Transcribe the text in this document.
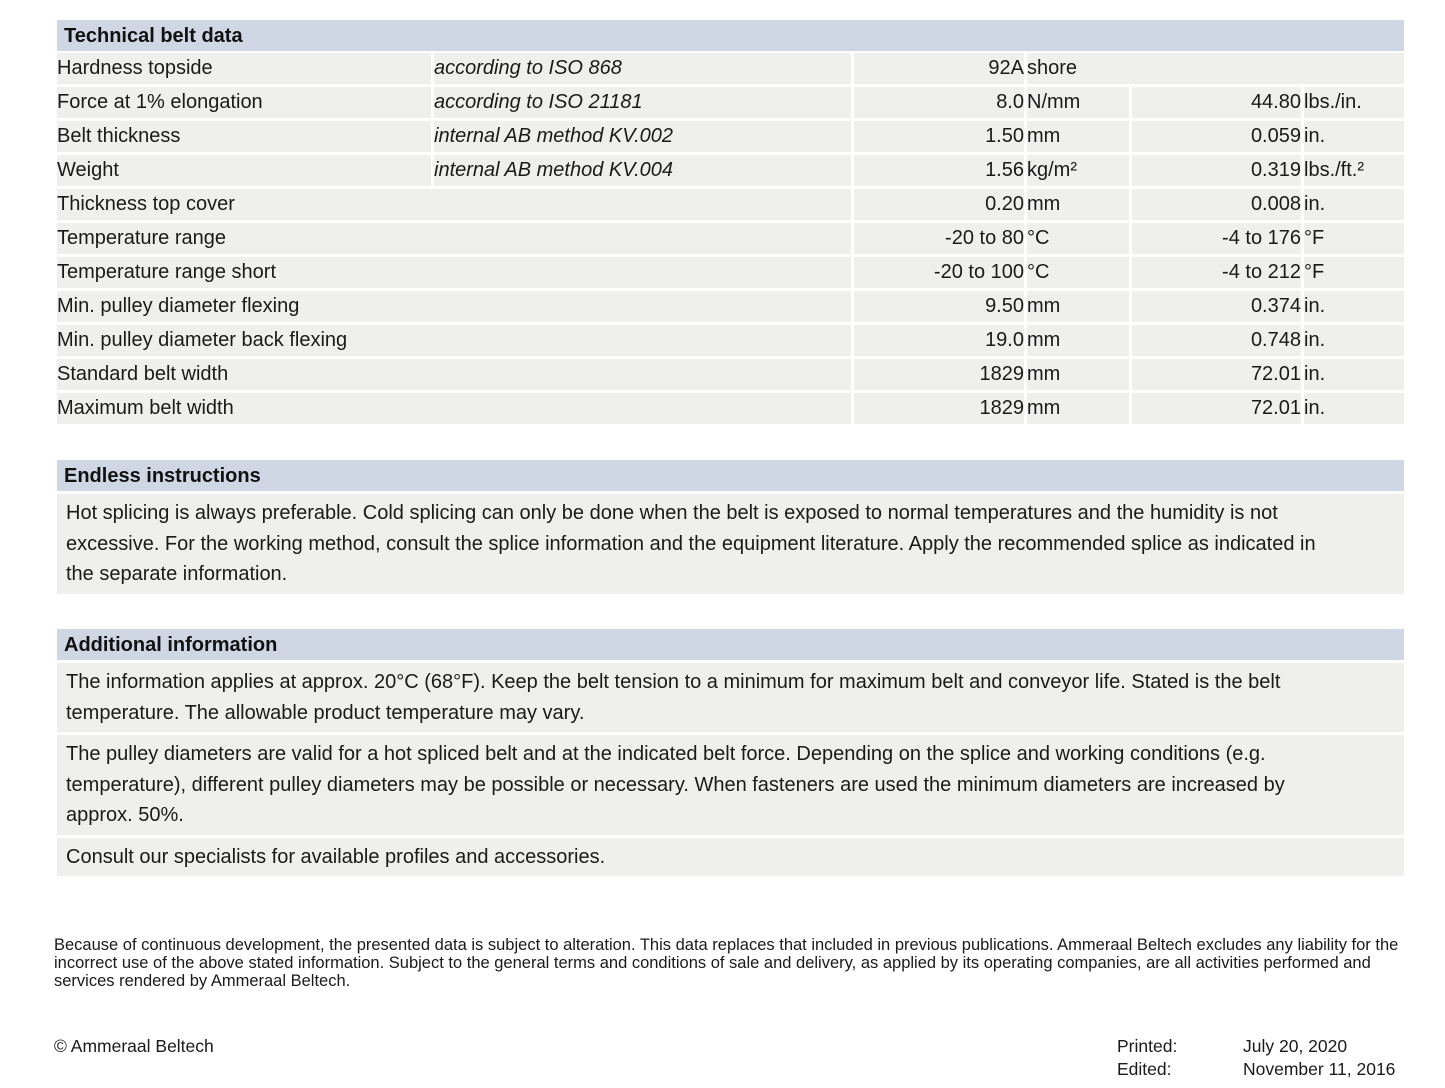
Technical belt data
Hardness topside	according to ISO 868	92A	shore		
Force at 1% elongation	according to ISO 21181	8.0	N/mm	44.80	lbs./in.
Belt thickness	internal AB method KV.002	1.50	mm	0.059	in.
Weight	internal AB method KV.004	1.56	kg/m²	0.319	lbs./ft.²
Thickness top cover		0.20	mm	0.008	in.
Temperature range		-20 to 80	°C	-4 to 176	°F
Temperature range short		-20 to 100	°C	-4 to 212	°F
Min. pulley diameter flexing		9.50	mm	0.374	in.
Min. pulley diameter back flexing		19.0	mm	0.748	in.
Standard belt width		1829	mm	72.01	in.
Maximum belt width		1829	mm	72.01	in.
Endless instructions
Hot splicing is always preferable. Cold splicing can only be done when the belt is exposed to normal temperatures and the humidity is not excessive. For the working method, consult the splice information and the equipment literature. Apply the recommended splice as indicated in the separate information.
Additional information
The information applies at approx. 20°C (68°F). Keep the belt tension to a minimum for maximum belt and conveyor life. Stated is the belt temperature. The allowable product temperature may vary.
The pulley diameters are valid for a hot spliced belt and at the indicated belt force. Depending on the splice and working conditions (e.g. temperature), different pulley diameters may be possible or necessary. When fasteners are used the minimum diameters are increased by approx. 50%.
Consult our specialists for available profiles and accessories.
Because of continuous development, the presented data is subject to alteration. This data replaces that included in previous publications. Ammeraal Beltech excludes any liability for the incorrect use of the above stated information. Subject to the general terms and conditions of sale and delivery, as applied by its operating companies, are all activities performed and services rendered by Ammeraal Beltech.
© Ammeraal Beltech	Printed:	July 20, 2020
Edited:	November 11, 2016
